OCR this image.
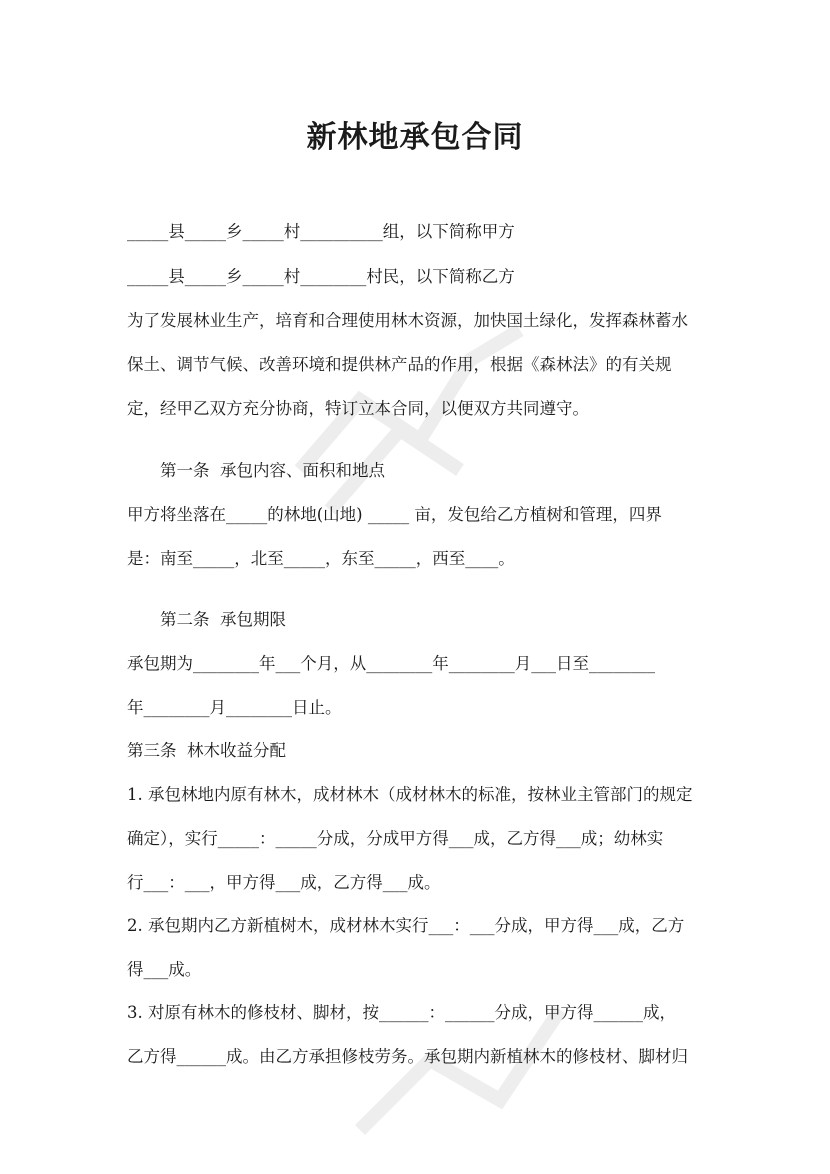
新林地承包合同
_____县_____乡_____村__________组，以下简称甲方
_____县_____乡_____村________村民，以下简称乙方
为了发展林业生产，培育和合理使用林木资源，加快国土绿化，发挥森林蓄水
保土、调节气候、改善环境和提供林产品的作用，根据《森林法》的有关规
定，经甲乙双方充分协商，特订立本合同，以便双方共同遵守。
第一条  承包内容、面积和地点
甲方将坐落在_____的林地(山地) _____ 亩，发包给乙方植树和管理，四界
是：南至_____，北至_____，东至_____，西至____。
第二条  承包期限
承包期为________年___个月，从________年________月___日至________
年________月________日止。
第三条  林木收益分配
1. 承包林地内原有林木，成材林木（成材林木的标准，按林业主管部门的规定
确定），实行_____：_____分成，分成甲方得___成，乙方得___成；幼林实
行___：___，甲方得___成，乙方得___成。
2. 承包期内乙方新植树木，成材林木实行___：___分成，甲方得___成，乙方
得___成。
3. 对原有林木的修枝材、脚材，按______：______分成，甲方得______成，
乙方得______成。由乙方承担修枝劳务。承包期内新植林木的修枝材、脚材归
